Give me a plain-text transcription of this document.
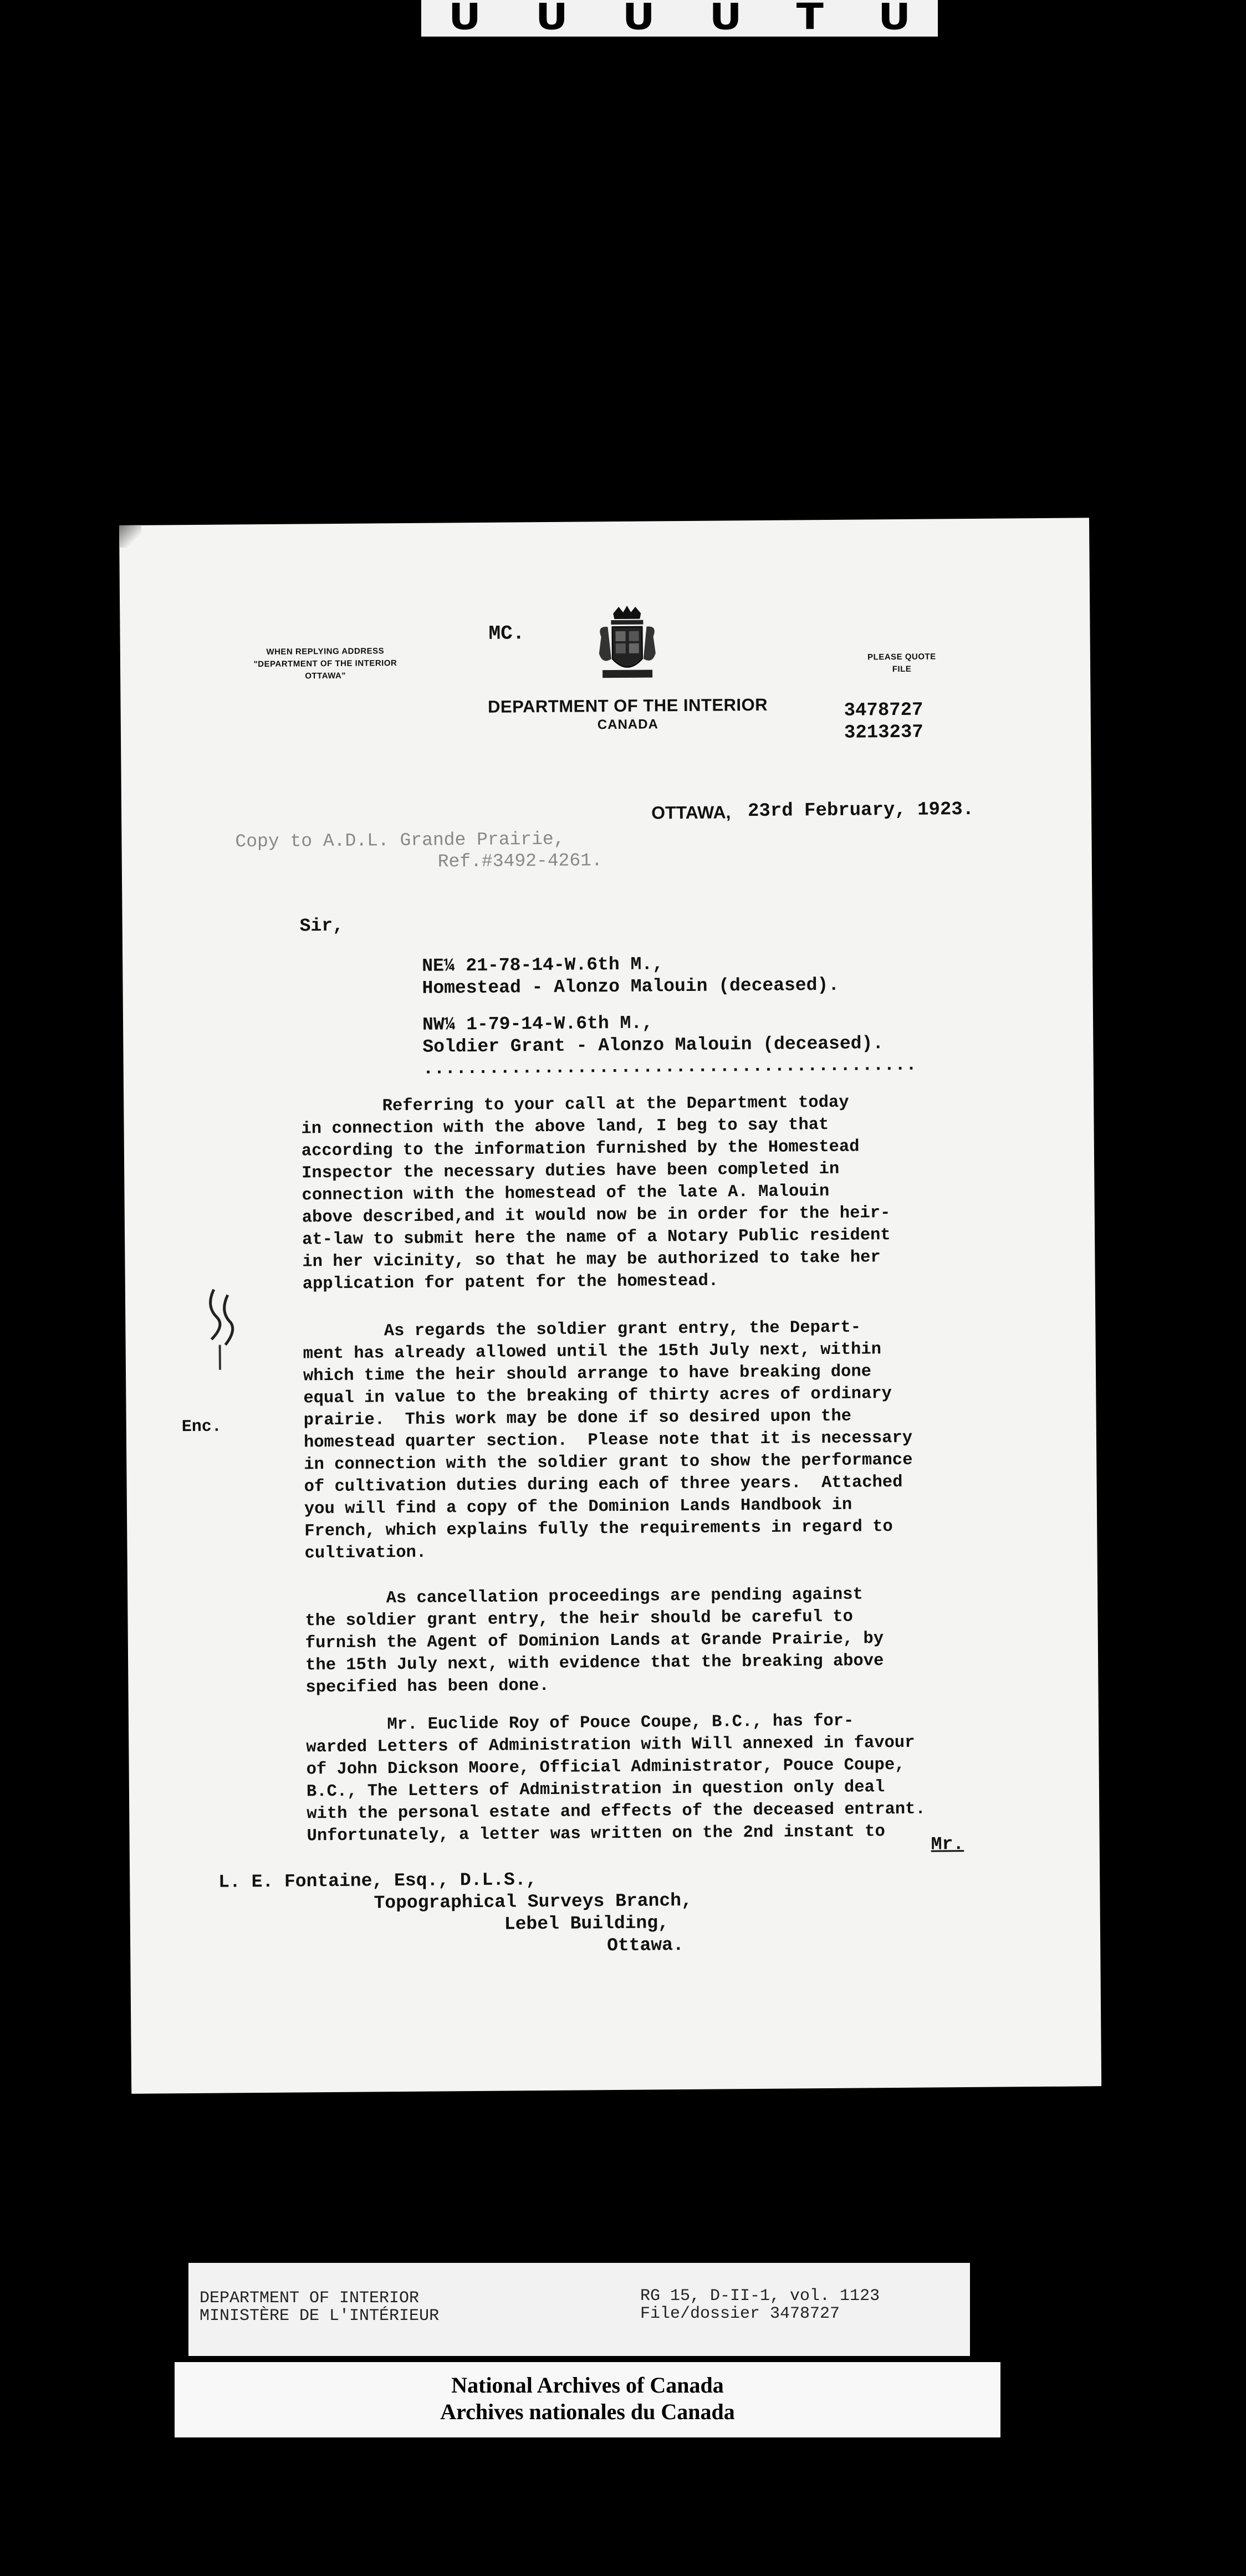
U U U U T U
WHEN REPLYING ADDRESS
"DEPARTMENT OF THE INTERIOR
OTTAWA"
MC.
DEPARTMENT OF THE INTERIOR
CANADA
PLEASE QUOTE
FILE
3478727
3213237
OTTAWA, 23rd February, 1923.
Copy to A.D.L. Grande Prairie,
Ref.#3492-4261.
Sir,
NE¼ 21-78-14-W.6th M.,
Homestead - Alonzo Malouin (deceased).
NW¼ 1-79-14-W.6th M.,
Soldier Grant - Alonzo Malouin (deceased).
.............................................
Referring to your call at the Department today
in connection with the above land, I beg to say that
according to the information furnished by the Homestead
Inspector the necessary duties have been completed in
connection with the homestead of the late A. Malouin
above described,and it would now be in order for the heir-
at-law to submit here the name of a Notary Public resident
in her vicinity, so that he may be authorized to take her
application for patent for the homestead.
As regards the soldier grant entry, the Depart-
ment has already allowed until the 15th July next, within
which time the heir should arrange to have breaking done
equal in value to the breaking of thirty acres of ordinary
prairie.  This work may be done if so desired upon the
homestead quarter section.  Please note that it is necessary
in connection with the soldier grant to show the performance
of cultivation duties during each of three years.  Attached
you will find a copy of the Dominion Lands Handbook in
French, which explains fully the requirements in regard to
cultivation.
Enc.
As cancellation proceedings are pending against
the soldier grant entry, the heir should be careful to
furnish the Agent of Dominion Lands at Grande Prairie, by
the 15th July next, with evidence that the breaking above
specified has been done.
Mr. Euclide Roy of Pouce Coupe, B.C., has for-
warded Letters of Administration with Will annexed in favour
of John Dickson Moore, Official Administrator, Pouce Coupe,
B.C., The Letters of Administration in question only deal
with the personal estate and effects of the deceased entrant.
Unfortunately, a letter was written on the 2nd instant to	Mr.
L. E. Fontaine, Esq., D.L.S.,
Topographical Surveys Branch,
Lebel Building,
Ottawa.
DEPARTMENT OF INTERIOR
MINISTÈRE DE L'INTÉRIEUR
RG 15, D-II-1, vol. 1123
File/dossier 3478727
National Archives of Canada
Archives nationales du Canada
